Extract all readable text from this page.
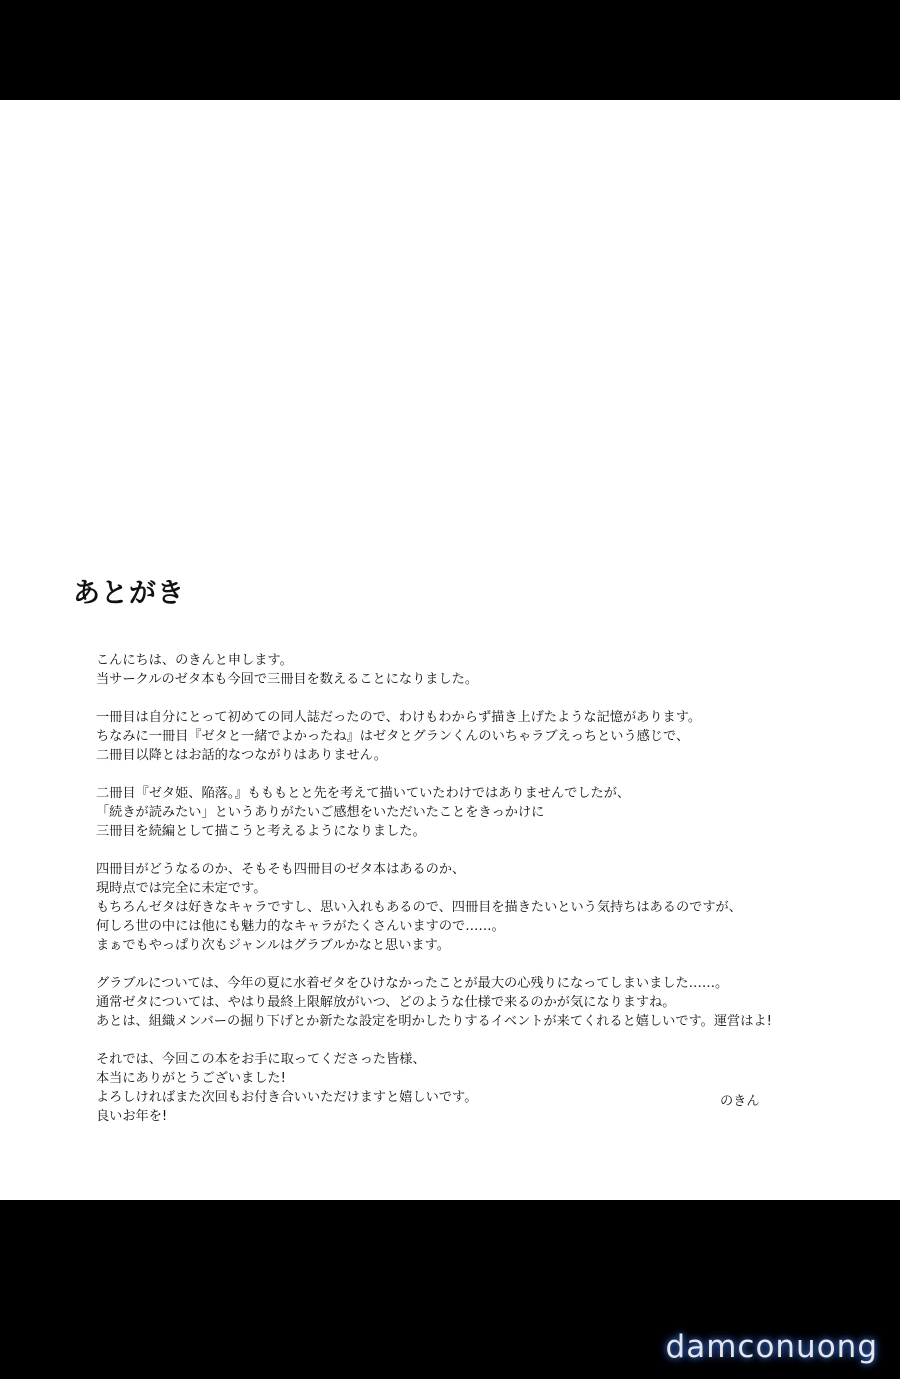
あとがき
こんにちは、のきんと申します。
当サークルのゼタ本も今回で三冊目を数えることになりました。
一冊目は自分にとって初めての同人誌だったので、わけもわからず描き上げたような記憶があります。
ちなみに一冊目『ゼタと一緒でよかったね』はゼタとグランくんのいちゃラブえっちという感じで、
二冊目以降とはお話的なつながりはありません。
二冊目『ゼタ姫、陥落。』もももとと先を考えて描いていたわけではありませんでしたが、
「続きが読みたい」というありがたいご感想をいただいたことをきっかけに
三冊目を続編として描こうと考えるようになりました。
四冊目がどうなるのか、そもそも四冊目のゼタ本はあるのか、
現時点では完全に未定です。
もちろんゼタは好きなキャラですし、思い入れもあるので、四冊目を描きたいという気持ちはあるのですが、
何しろ世の中には他にも魅力的なキャラがたくさんいますので……。
まぁでもやっぱり次もジャンルはグラブルかなと思います。
グラブルについては、今年の夏に水着ゼタをひけなかったことが最大の心残りになってしまいました……。
通常ゼタについては、やはり最終上限解放がいつ、どのような仕様で来るのかが気になりますね。
あとは、組織メンバーの掘り下げとか新たな設定を明かしたりするイベントが来てくれると嬉しいです。運営はよ!
それでは、今回この本をお手に取ってくださった皆様、
本当にありがとうございました!
よろしければまた次回もお付き合いいただけますと嬉しいです。
良いお年を!
のきん
damconuong
